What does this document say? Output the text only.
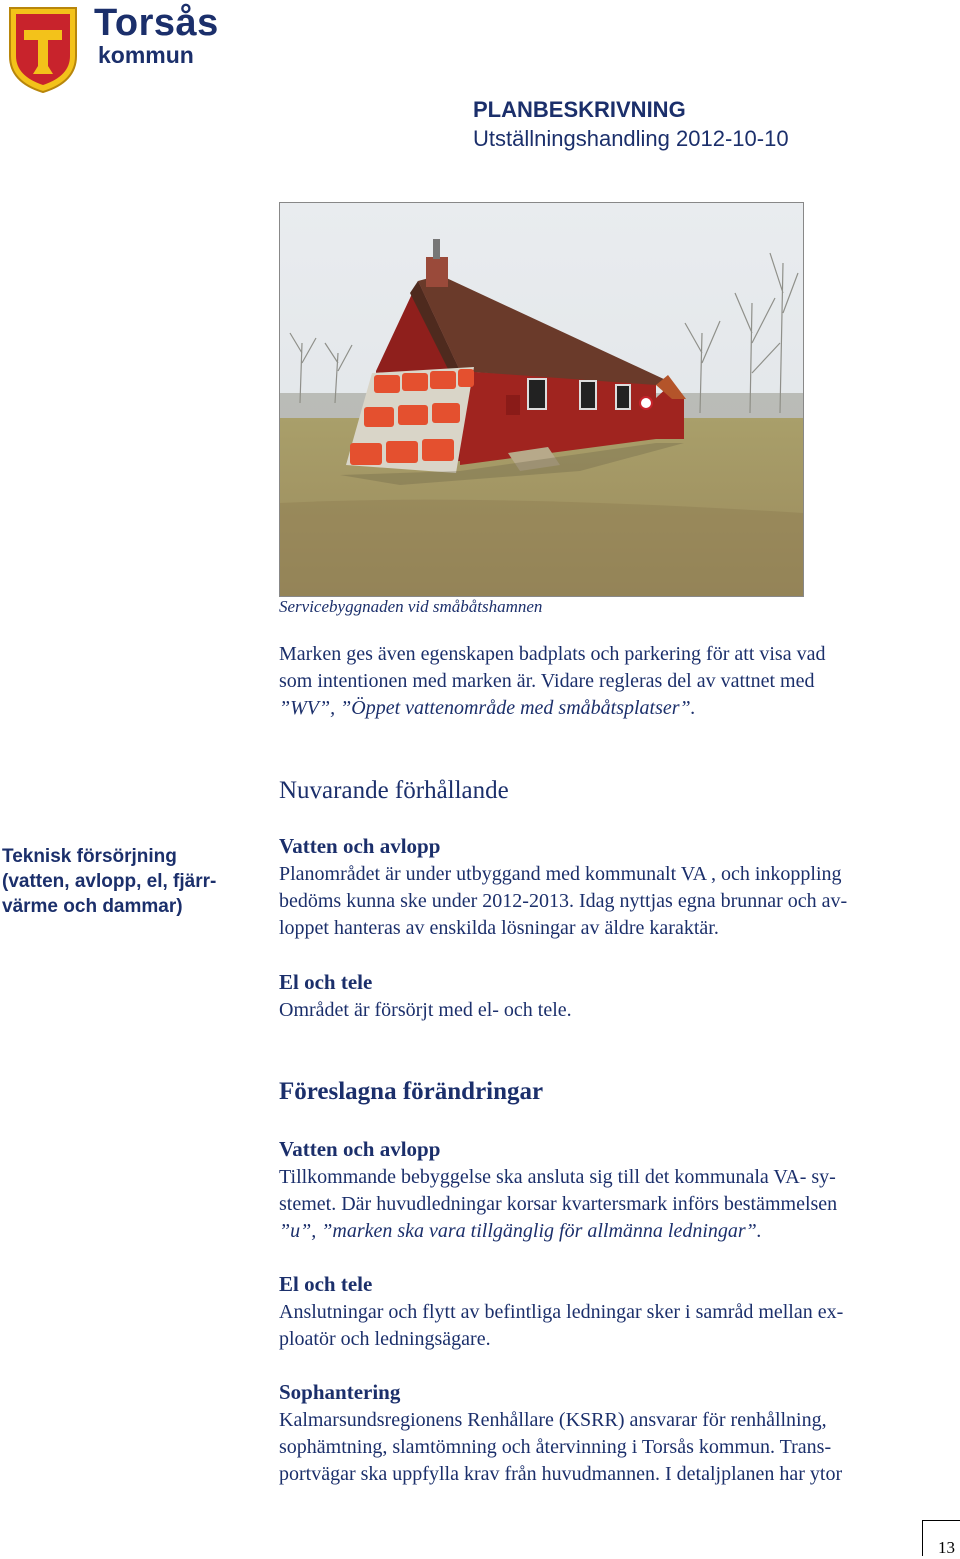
Torsås
kommun
PLANBESKRIVNING
Utställningshandling 2012-10-10
Servicebyggnaden vid småbåtshamnen
Marken ges även egenskapen badplats och parkering för att visa vad
som intentionen med marken är. Vidare regleras del av vattnet med
”WV”, ”Öppet vattenområde med småbåtsplatser”.
Nuvarande förhållande
Teknisk försörjning
(vatten, avlopp, el, fjärr-
värme och dammar)
Vatten och avlopp
Planområdet är under utbyggand med kommunalt VA , och inkoppling
bedöms kunna ske under 2012-2013. Idag nyttjas egna brunnar och av-
loppet hanteras av enskilda lösningar av äldre karaktär.
El och tele
Området är försörjt med el- och tele.
Föreslagna förändringar
Vatten och avlopp
Tillkommande bebyggelse ska ansluta sig till det kommunala VA- sy-
stemet. Där huvudledningar korsar kvartersmark införs bestämmelsen
”u”, ”marken ska vara tillgänglig för allmänna ledningar”.
El och tele
Anslutningar och flytt av befintliga ledningar sker i samråd mellan ex-
ploatör och ledningsägare.
Sophantering
Kalmarsundsregionens Renhållare (KSRR) ansvarar för renhållning,
sophämtning, slamtömning och återvinning i Torsås kommun. Trans-
portvägar ska uppfylla krav från huvudmannen. I detaljplanen har ytor
13
